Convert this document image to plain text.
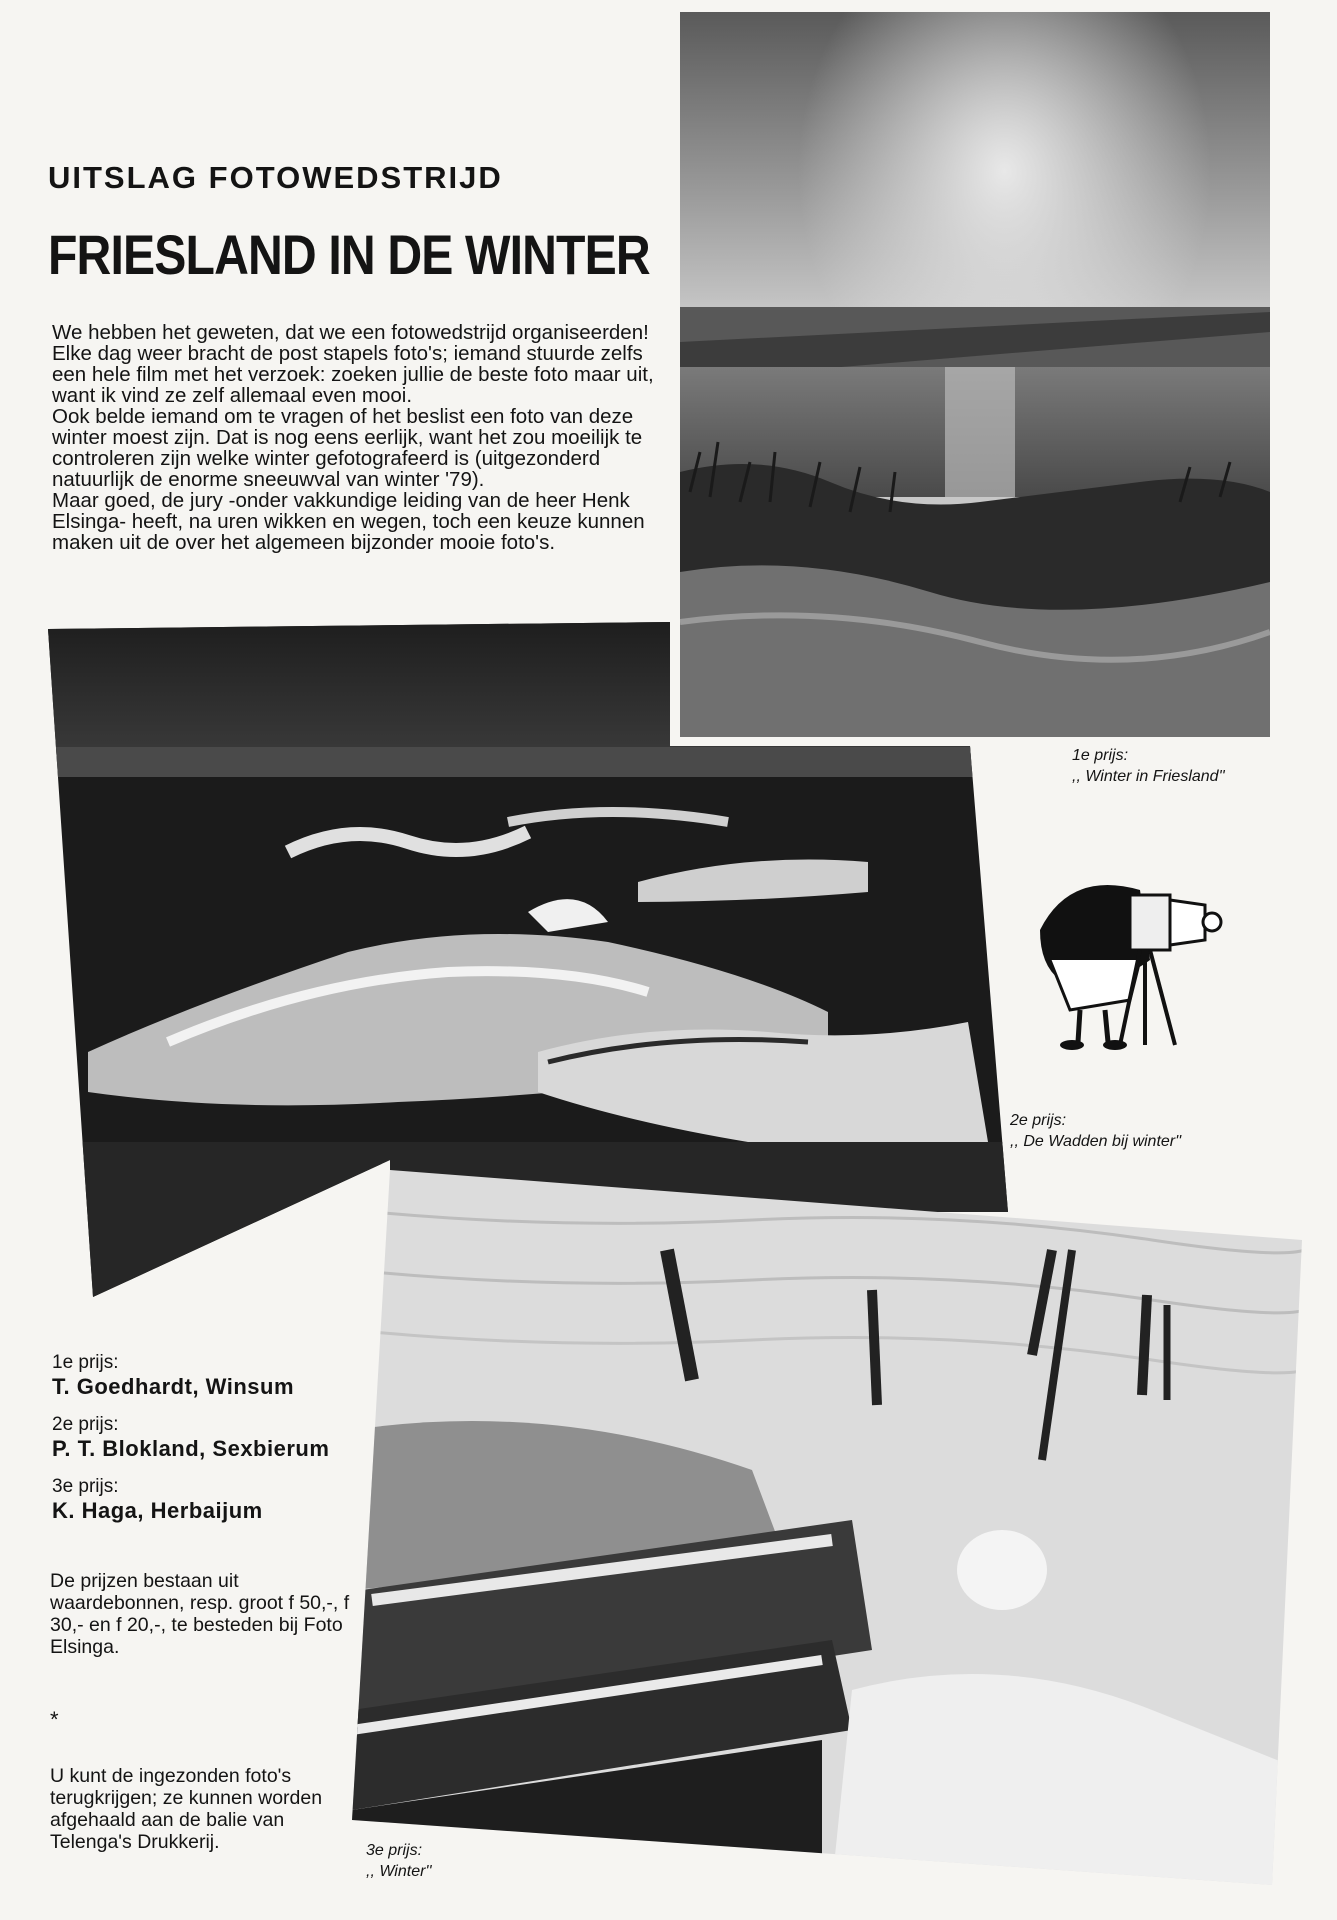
UITSLAG FOTOWEDSTRIJD
FRIESLAND IN DE WINTER

We hebben het geweten, dat we een fotowedstrijd organiseerden! Elke dag weer bracht de post stapels foto's; iemand stuurde zelfs een hele film met het verzoek: zoeken jullie de beste foto maar uit, want ik vind ze zelf allemaal even mooi.

Ook belde iemand om te vragen of het beslist een foto van deze winter moest zijn. Dat is nog eens eerlijk, want het zou moeilijk te controleren zijn welke winter gefotografeerd is (uitgezonderd natuurlijk de enorme sneeuwval van winter '79).

Maar goed, de jury -onder vakkundige leiding van de heer Henk Elsinga- heeft, na uren wikken en wegen, toch een keuze kunnen maken uit de over het algemeen bijzonder mooie foto's.

1e prijs:
,, Winter in Friesland''
2e prijs:
,, De Wadden bij winter''
1e prijs:
T. Goedhardt, Winsum
2e prijs:
P. T. Blokland, Sexbierum
3e prijs:
K. Haga, Herbaijum
De prijzen bestaan uit waardebonnen, resp. groot f 50,-, f 30,- en f 20,-, te besteden bij Foto Elsinga.
*
U kunt de ingezonden foto's terugkrijgen; ze kunnen worden afgehaald aan de balie van Telenga's Drukkerij.	3e prijs:
,, Winter''
